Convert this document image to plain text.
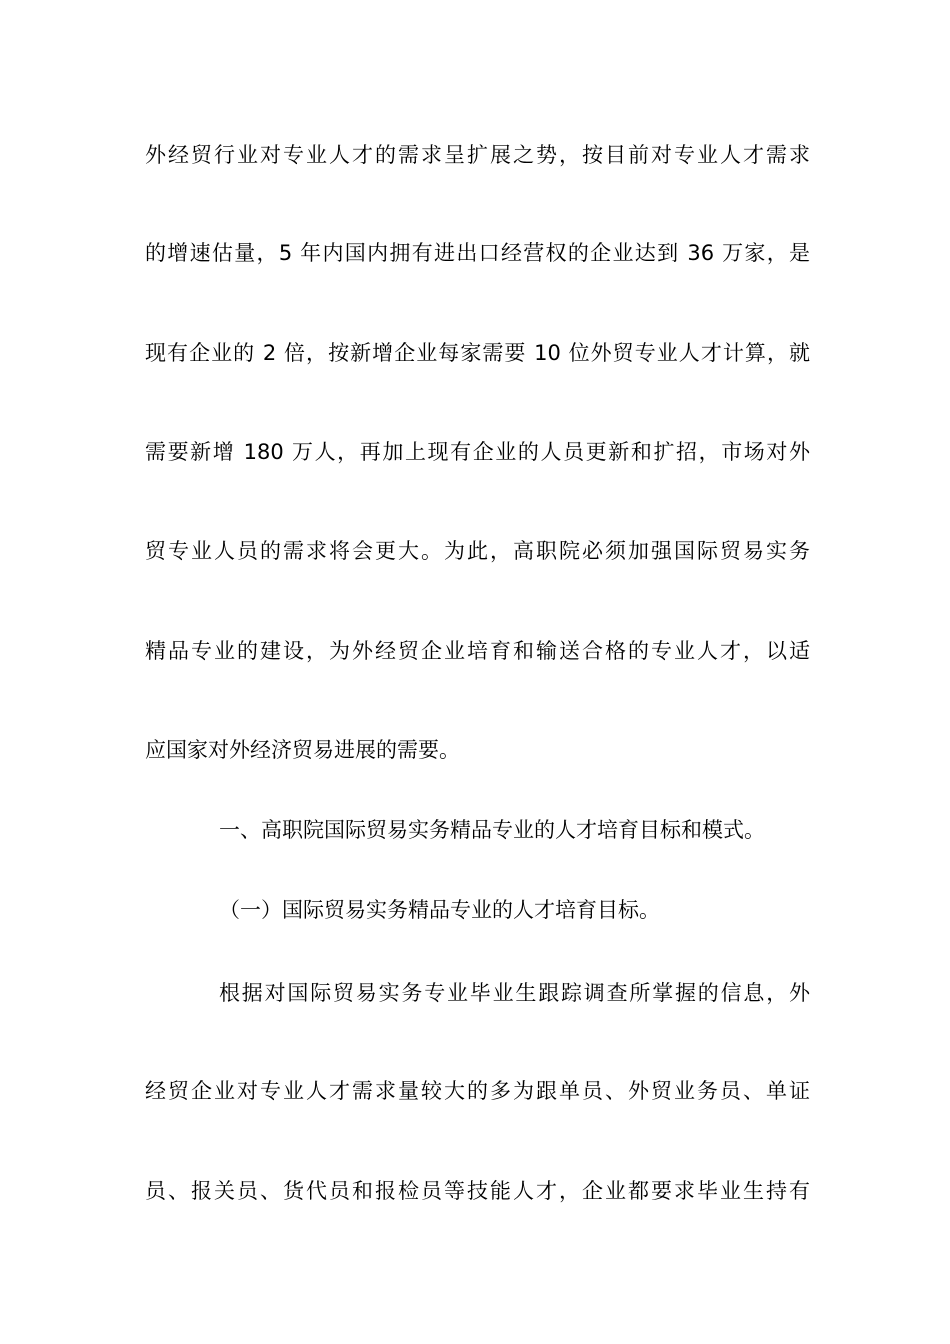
外经贸行业对专业人才的需求呈扩展之势，按目前对专业人才需求
的增速估量，5 年内国内拥有进出口经营权的企业达到 36 万家，是
现有企业的 2 倍，按新增企业每家需要 10 位外贸专业人才计算，就
需要新增 180 万人，再加上现有企业的人员更新和扩招，市场对外
贸专业人员的需求将会更大。为此，高职院必须加强国际贸易实务
精品专业的建设，为外经贸企业培育和输送合格的专业人才，以适
应国家对外经济贸易进展的需要。
一、高职院国际贸易实务精品专业的人才培育目标和模式。
（一）国际贸易实务精品专业的人才培育目标。
根据对国际贸易实务专业毕业生跟踪调查所掌握的信息，外
经贸企业对专业人才需求量较大的多为跟单员、外贸业务员、单证
员、报关员、货代员和报检员等技能人才，企业都要求毕业生持有
